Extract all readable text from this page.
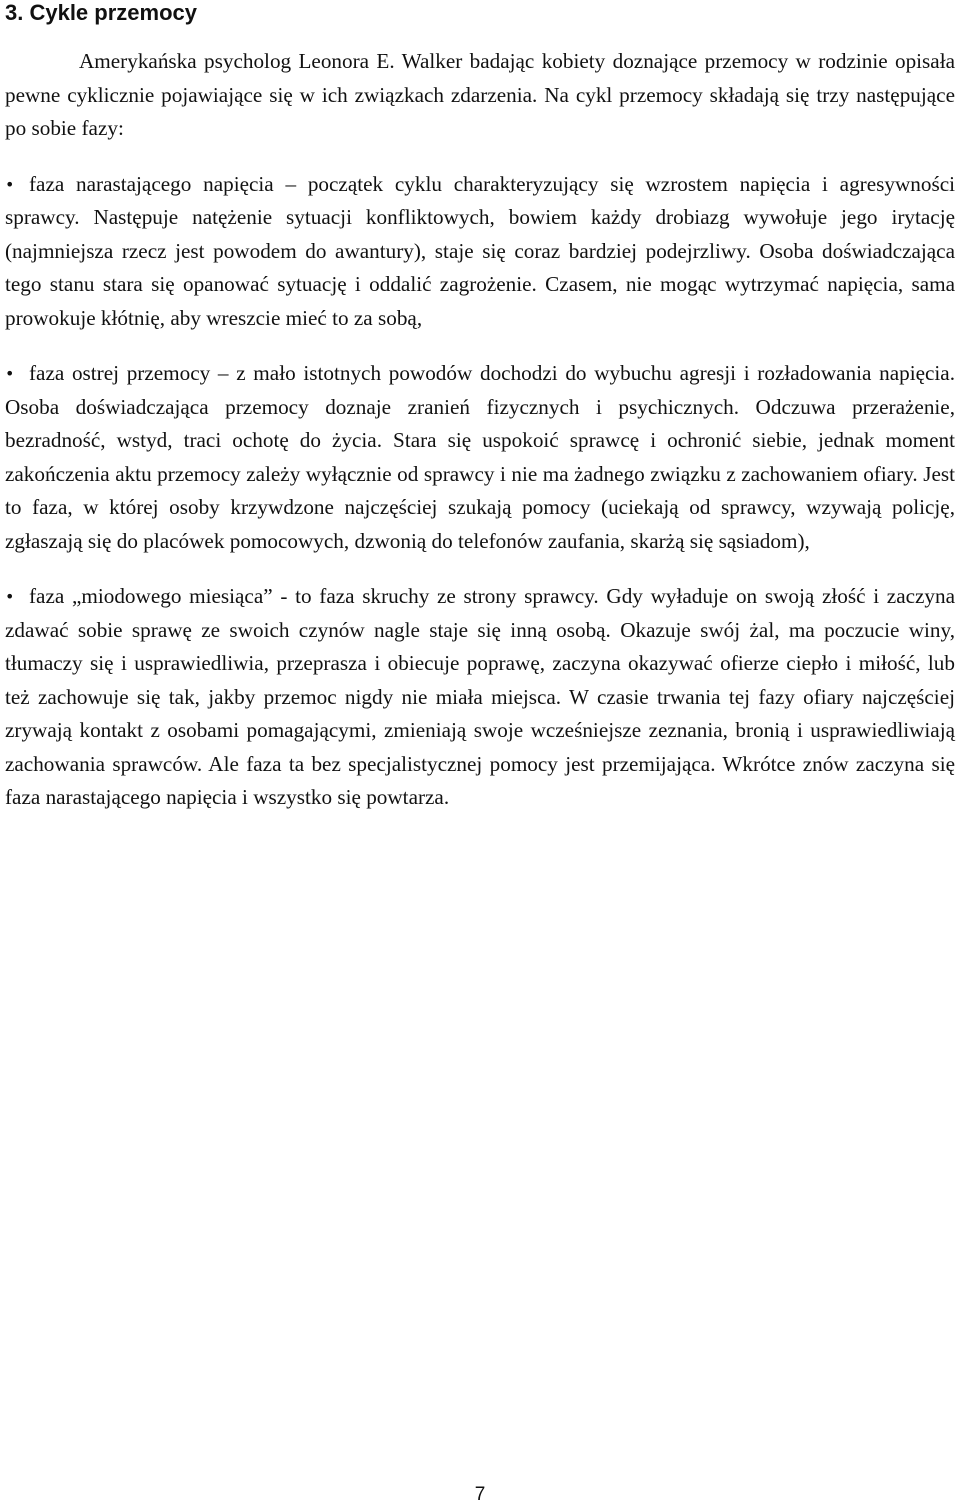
3. Cykle przemocy

Amerykańska psycholog Leonora E. Walker badając kobiety doznające przemocy w rodzinie opisała pewne cyklicznie pojawiające się w ich związkach zdarzenia. Na cykl przemocy składają się trzy następujące po sobie fazy:

• faza narastającego napięcia – początek cyklu charakteryzujący się wzrostem napięcia i agresywności sprawcy. Następuje natężenie sytuacji konfliktowych, bowiem każdy drobiazg wywołuje jego irytację (najmniejsza rzecz jest powodem do awantury), staje się coraz bardziej podejrzliwy. Osoba doświadczająca tego stanu stara się opanować sytuację i oddalić zagrożenie. Czasem, nie mogąc wytrzymać napięcia, sama prowokuje kłótnię, aby wreszcie mieć to za sobą,
• faza ostrej przemocy – z mało istotnych powodów dochodzi do wybuchu agresji i rozładowania napięcia. Osoba doświadczająca przemocy doznaje zranień fizycznych i psychicznych. Odczuwa przerażenie, bezradność, wstyd, traci ochotę do życia. Stara się uspokoić sprawcę i ochronić siebie, jednak moment zakończenia aktu przemocy zależy wyłącznie od sprawcy i nie ma żadnego związku z zachowaniem ofiary. Jest to faza, w której osoby krzywdzone najczęściej szukają pomocy (uciekają od sprawcy, wzywają policję, zgłaszają się do placówek pomocowych, dzwonią do telefonów zaufania, skarżą się sąsiadom),
• faza „miodowego miesiąca” - to faza skruchy ze strony sprawcy. Gdy wyładuje on swoją złość i zaczyna zdawać sobie sprawę ze swoich czynów nagle staje się inną osobą. Okazuje swój żal, ma poczucie winy, tłumaczy się i usprawiedliwia, przeprasza i obiecuje poprawę, zaczyna okazywać ofierze ciepło i miłość, lub też zachowuje się tak, jakby przemoc nigdy nie miała miejsca. W czasie trwania tej fazy ofiary najczęściej zrywają kontakt z osobami pomagającymi, zmieniają swoje wcześniejsze zeznania, bronią i usprawiedliwiają zachowania sprawców. Ale faza ta bez specjalistycznej pomocy jest przemijająca. Wkrótce znów zaczyna się faza narastającego napięcia i wszystko się powtarza.
7
